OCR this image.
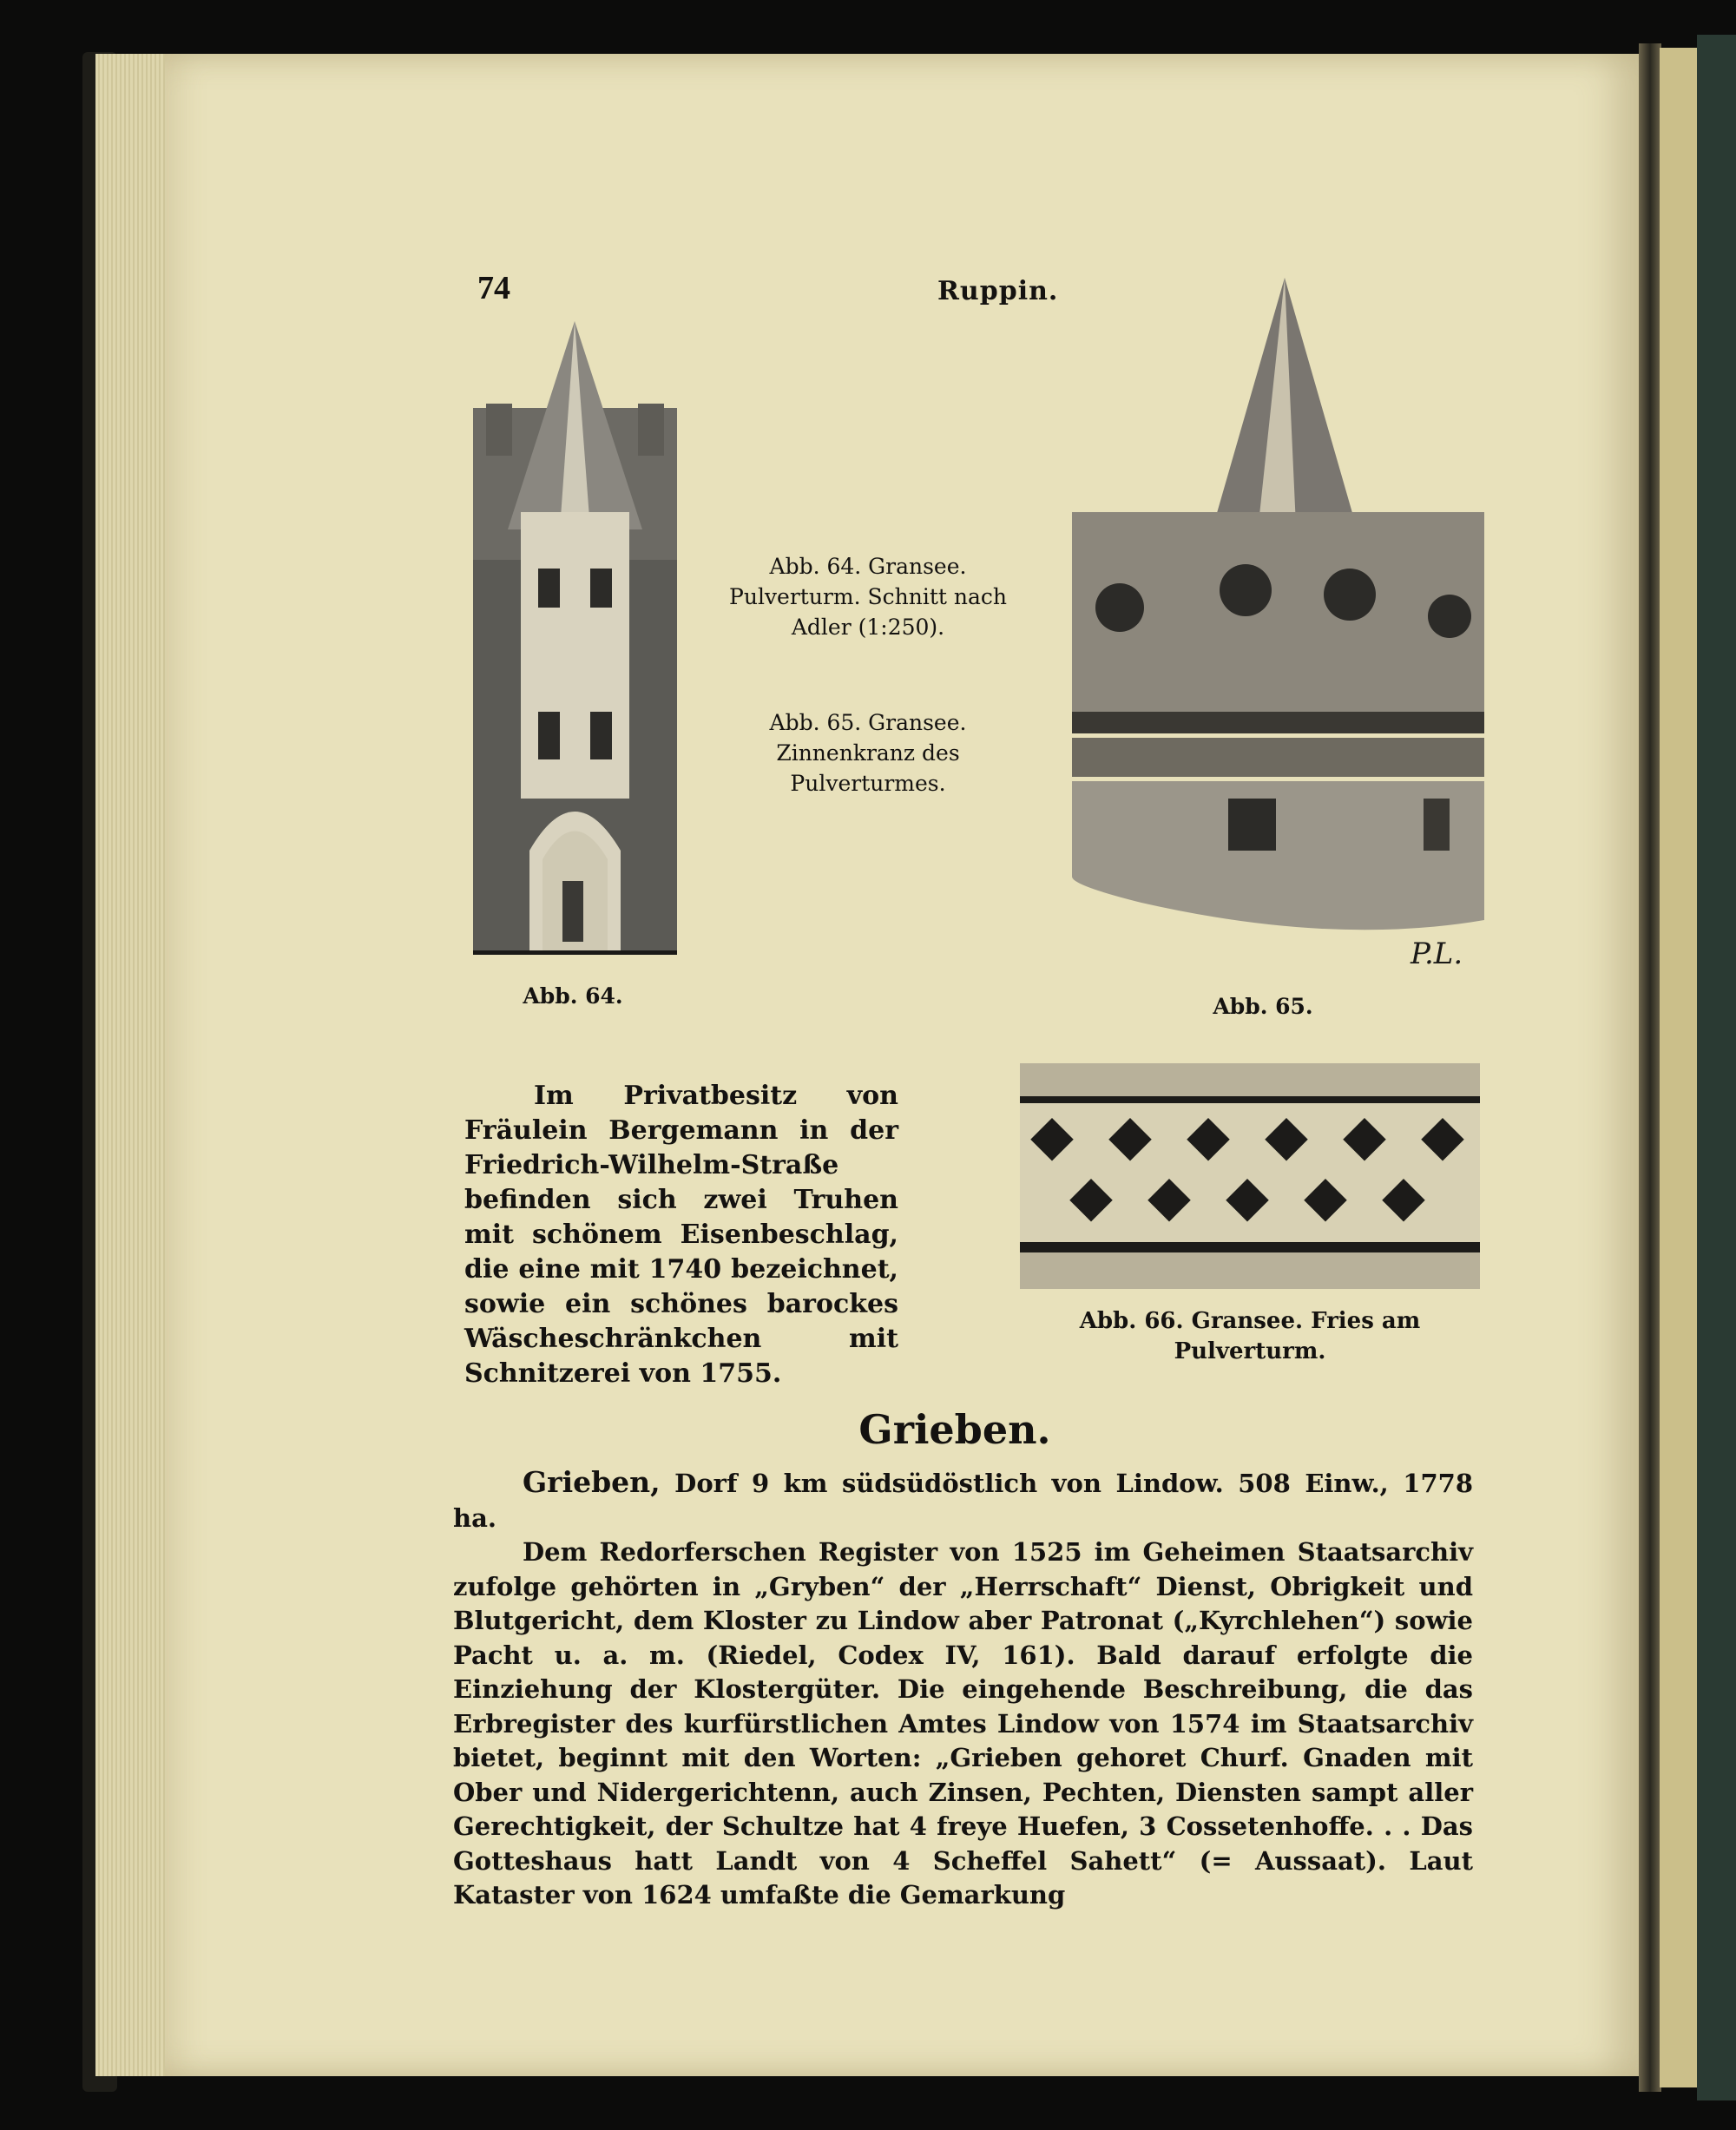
74	Ruppin.
P.L.
Abb. 64. Gransee.
Pulverturm. Schnitt nach Adler (1:250).
Abb. 65. Gransee.
Zinnenkranz des Pulverturmes.
Abb. 64.	Abb. 65.
Abb. 66. Gransee. Fries am Pulverturm.
Im Privatbesitz von Fräulein Bergemann in der Friedrich-Wilhelm-Straße befinden sich zwei Truhen mit schönem Eisenbeschlag, die eine mit 1740 bezeichnet, sowie ein schönes barockes Wäscheschränkchen mit Schnitzerei von 1755.
Grieben.

Grieben, Dorf 9 km südsüdöstlich von Lindow. 508 Einw., 1778 ha.

Dem Redorferschen Register von 1525 im Geheimen Staatsarchiv zufolge gehörten in „Gryben“ der „Herrschaft“ Dienst, Obrigkeit und Blutgericht, dem Kloster zu Lindow aber Patronat („Kyrchlehen“) sowie Pacht u. a. m. (Riedel, Codex IV, 161). Bald darauf erfolgte die Einziehung der Klostergüter. Die eingehende Beschreibung, die das Erbregister des kurfürstlichen Amtes Lindow von 1574 im Staatsarchiv bietet, beginnt mit den Worten: „Grieben gehoret Churf. Gnaden mit Ober und Nidergerichtenn, auch Zinsen, Pechten, Diensten sampt aller Gerechtigkeit, der Schultze hat 4 freye Huefen, 3 Cossetenhoffe. . . Das Gotteshaus hatt Landt von 4 Scheffel Sahett“ (= Aussaat). Laut Kataster von 1624 umfaßte die Gemarkung
